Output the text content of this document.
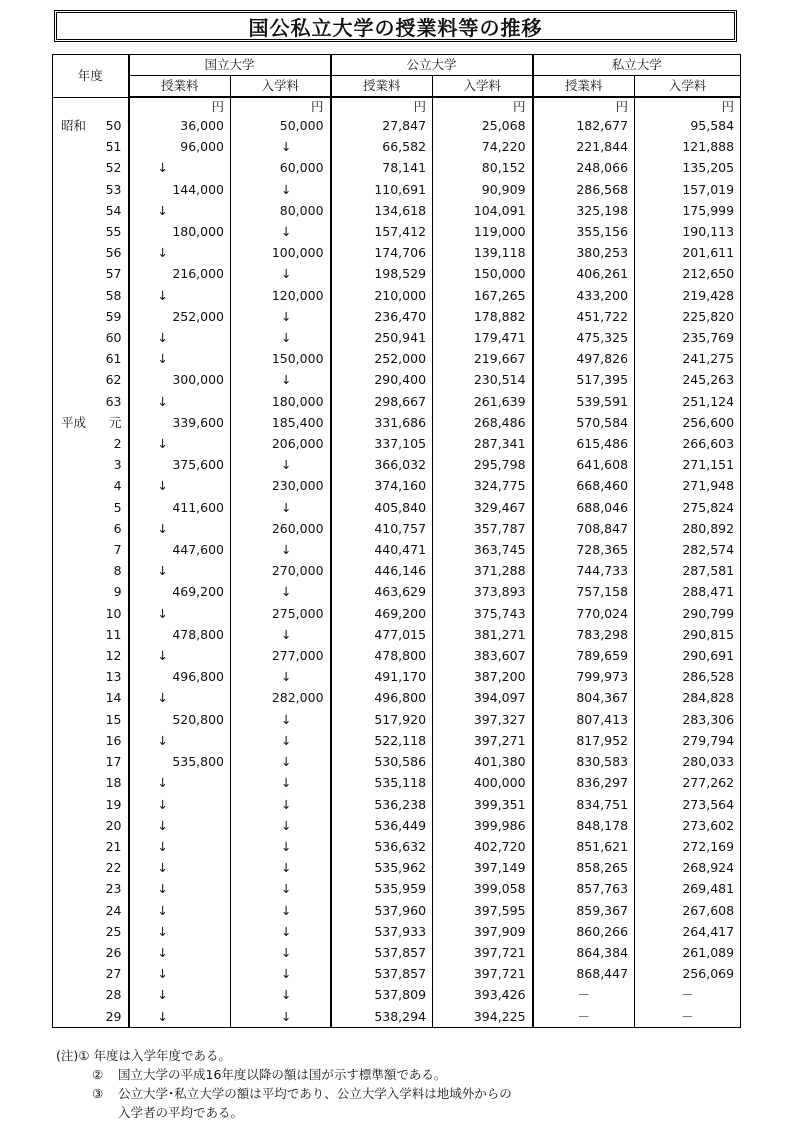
国公私立大学の授業料等の推移
年度		国立大学		公立大学		私立大学	
		授業料	入学料	授業料	入学料	授業料	入学料
		円	円	円	円	円	円
昭和	50	36,000	50,000	27,847	25,068	182,677	95,584
	51	96,000	↓	66,582	74,220	221,844	121,888
	52	↓	60,000	78,141	80,152	248,066	135,205
	53	144,000	↓	110,691	90,909	286,568	157,019
	54	↓	80,000	134,618	104,091	325,198	175,999
	55	180,000	↓	157,412	119,000	355,156	190,113
	56	↓	100,000	174,706	139,118	380,253	201,611
	57	216,000	↓	198,529	150,000	406,261	212,650
	58	↓	120,000	210,000	167,265	433,200	219,428
	59	252,000	↓	236,470	178,882	451,722	225,820
	60	↓	↓	250,941	179,471	475,325	235,769
	61	↓	150,000	252,000	219,667	497,826	241,275
	62	300,000	↓	290,400	230,514	517,395	245,263
	63	↓	180,000	298,667	261,639	539,591	251,124
平成	元	339,600	185,400	331,686	268,486	570,584	256,600
	2	↓	206,000	337,105	287,341	615,486	266,603
	3	375,600	↓	366,032	295,798	641,608	271,151
	4	↓	230,000	374,160	324,775	668,460	271,948
	5	411,600	↓	405,840	329,467	688,046	275,824
	6	↓	260,000	410,757	357,787	708,847	280,892
	7	447,600	↓	440,471	363,745	728,365	282,574
	8	↓	270,000	446,146	371,288	744,733	287,581
	9	469,200	↓	463,629	373,893	757,158	288,471
	10	↓	275,000	469,200	375,743	770,024	290,799
	11	478,800	↓	477,015	381,271	783,298	290,815
	12	↓	277,000	478,800	383,607	789,659	290,691
	13	496,800	↓	491,170	387,200	799,973	286,528
	14	↓	282,000	496,800	394,097	804,367	284,828
	15	520,800	↓	517,920	397,327	807,413	283,306
	16	↓	↓	522,118	397,271	817,952	279,794
	17	535,800	↓	530,586	401,380	830,583	280,033
	18	↓	↓	535,118	400,000	836,297	277,262
	19	↓	↓	536,238	399,351	834,751	273,564
	20	↓	↓	536,449	399,986	848,178	273,602
	21	↓	↓	536,632	402,720	851,621	272,169
	22	↓	↓	535,962	397,149	858,265	268,924
	23	↓	↓	535,959	399,058	857,763	269,481
	24	↓	↓	537,960	397,595	859,367	267,608
	25	↓	↓	537,933	397,909	860,266	264,417
	26	↓	↓	537,857	397,721	864,384	261,089
	27	↓	↓	537,857	397,721	868,447	256,069
	28	↓	↓	537,809	393,426	－	－
	29	↓	↓	538,294	394,225	－	－
(注)① 年度は入学年度である。
② 国立大学の平成16年度以降の額は国が示す標準額である。
③ 公立大学･私立大学の額は平均であり、公立大学入学料は地域外からの
入学者の平均である。
